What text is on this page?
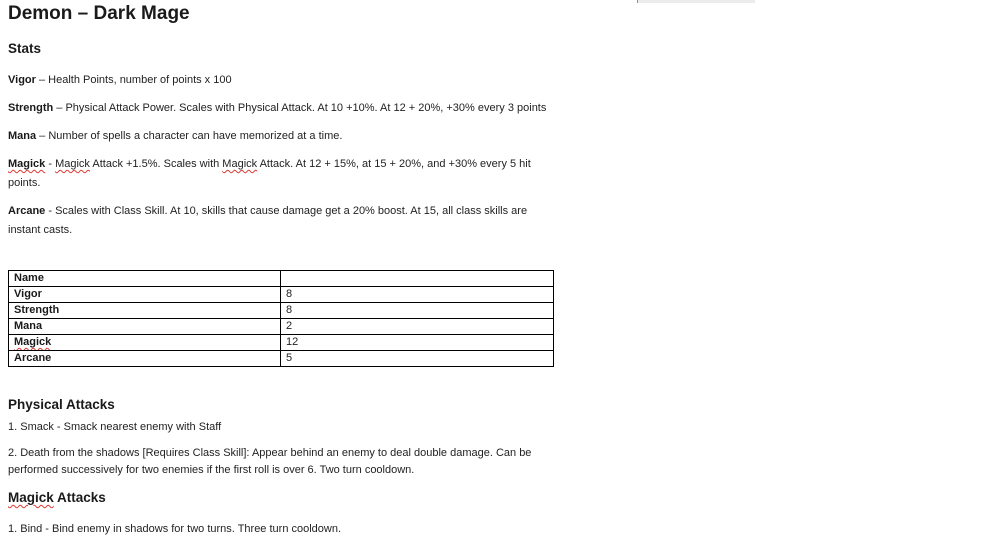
Demon – Dark Mage
Stats

Vigor – Health Points, number of points x 100

Strength – Physical Attack Power. Scales with Physical Attack. At 10 +10%. At 12 + 20%, +30% every 3 points

Mana – Number of spells a character can have memorized at a time.

Magick - Magick Attack +1.5%. Scales with Magick Attack. At 12 + 15%, at 15 + 20%, and +30% every 5 hit points.

Arcane - Scales with Class Skill. At 10, skills that cause damage get a 20% boost. At 15, all class skills are instant casts.

Name	
Vigor	8
Strength	8
Mana	2
Magick	12
Arcane	5
Physical Attacks

1. Smack - Smack nearest enemy with Staff

2. Death from the shadows [Requires Class Skill]: Appear behind an enemy to deal double damage. Can be performed successively for two enemies if the first roll is over 6. Two turn cooldown.

Magick Attacks

1. Bind - Bind enemy in shadows for two turns. Three turn cooldown.
